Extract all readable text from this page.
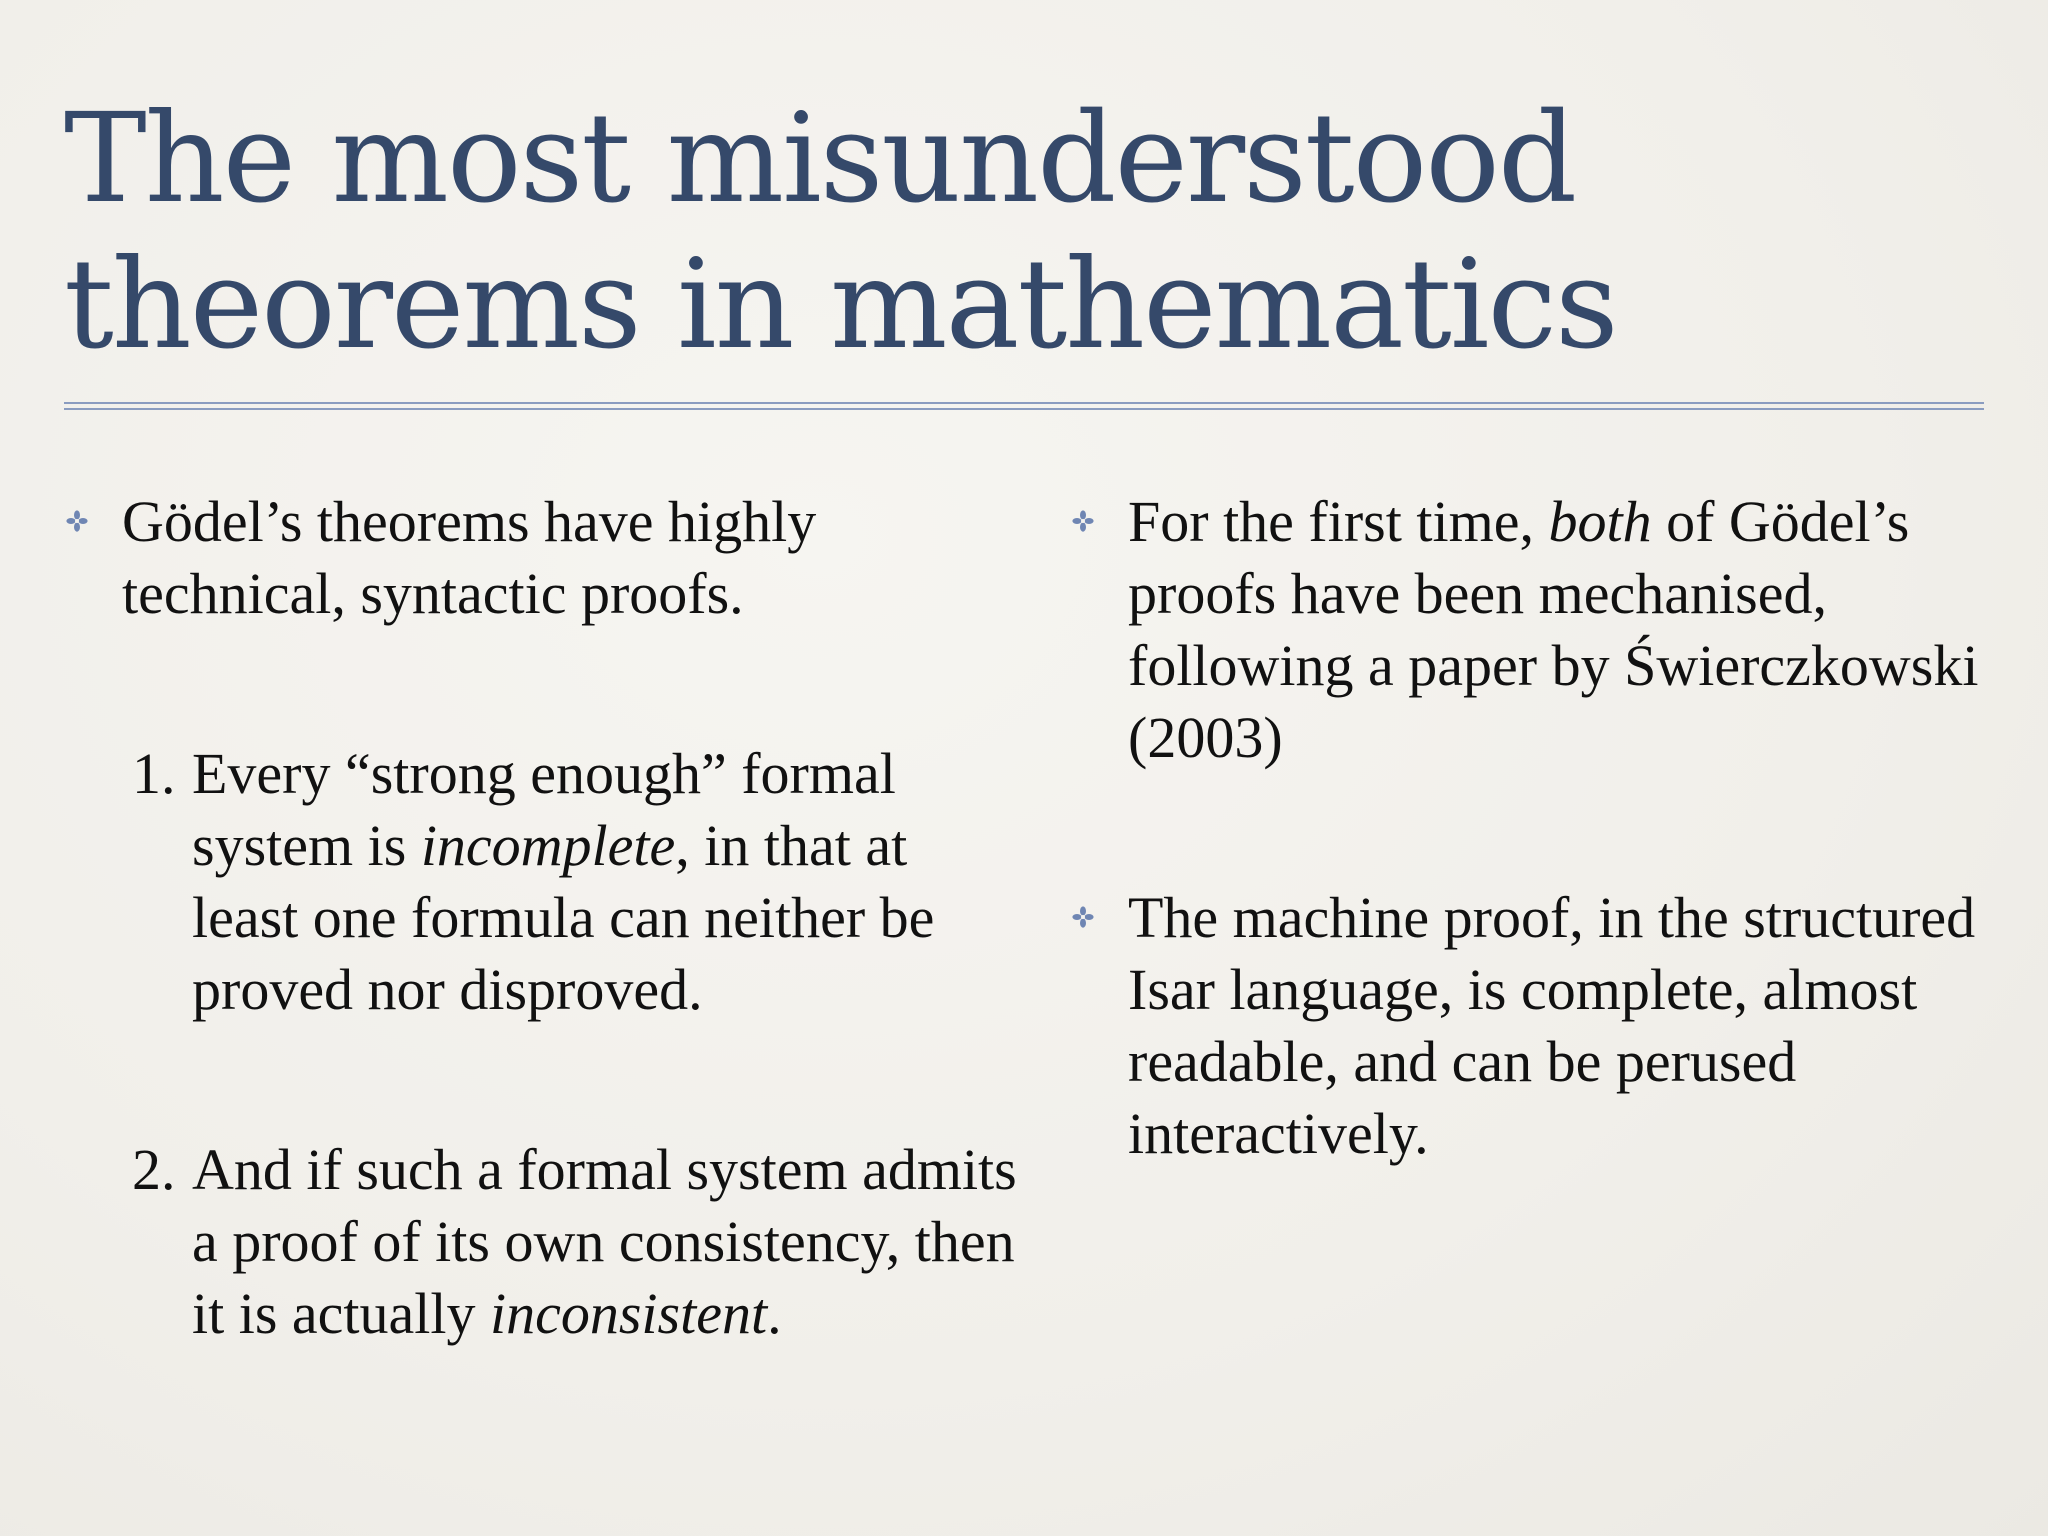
The most misunderstood
theorems in mathematics
Gödel’s theorems have highly technical, syntactic proofs.
1. Every “strong enough” formal system is incomplete, in that at least one formula can neither be proved nor disproved.
2. And if such a formal system admits a proof of its own consistency, then it is actually inconsistent.
For the first time, both of Gödel’s proofs have been mechanised, following a paper by Świerczkowski (2003)
The machine proof, in the structured Isar language, is complete, almost readable, and can be perused interactively.
